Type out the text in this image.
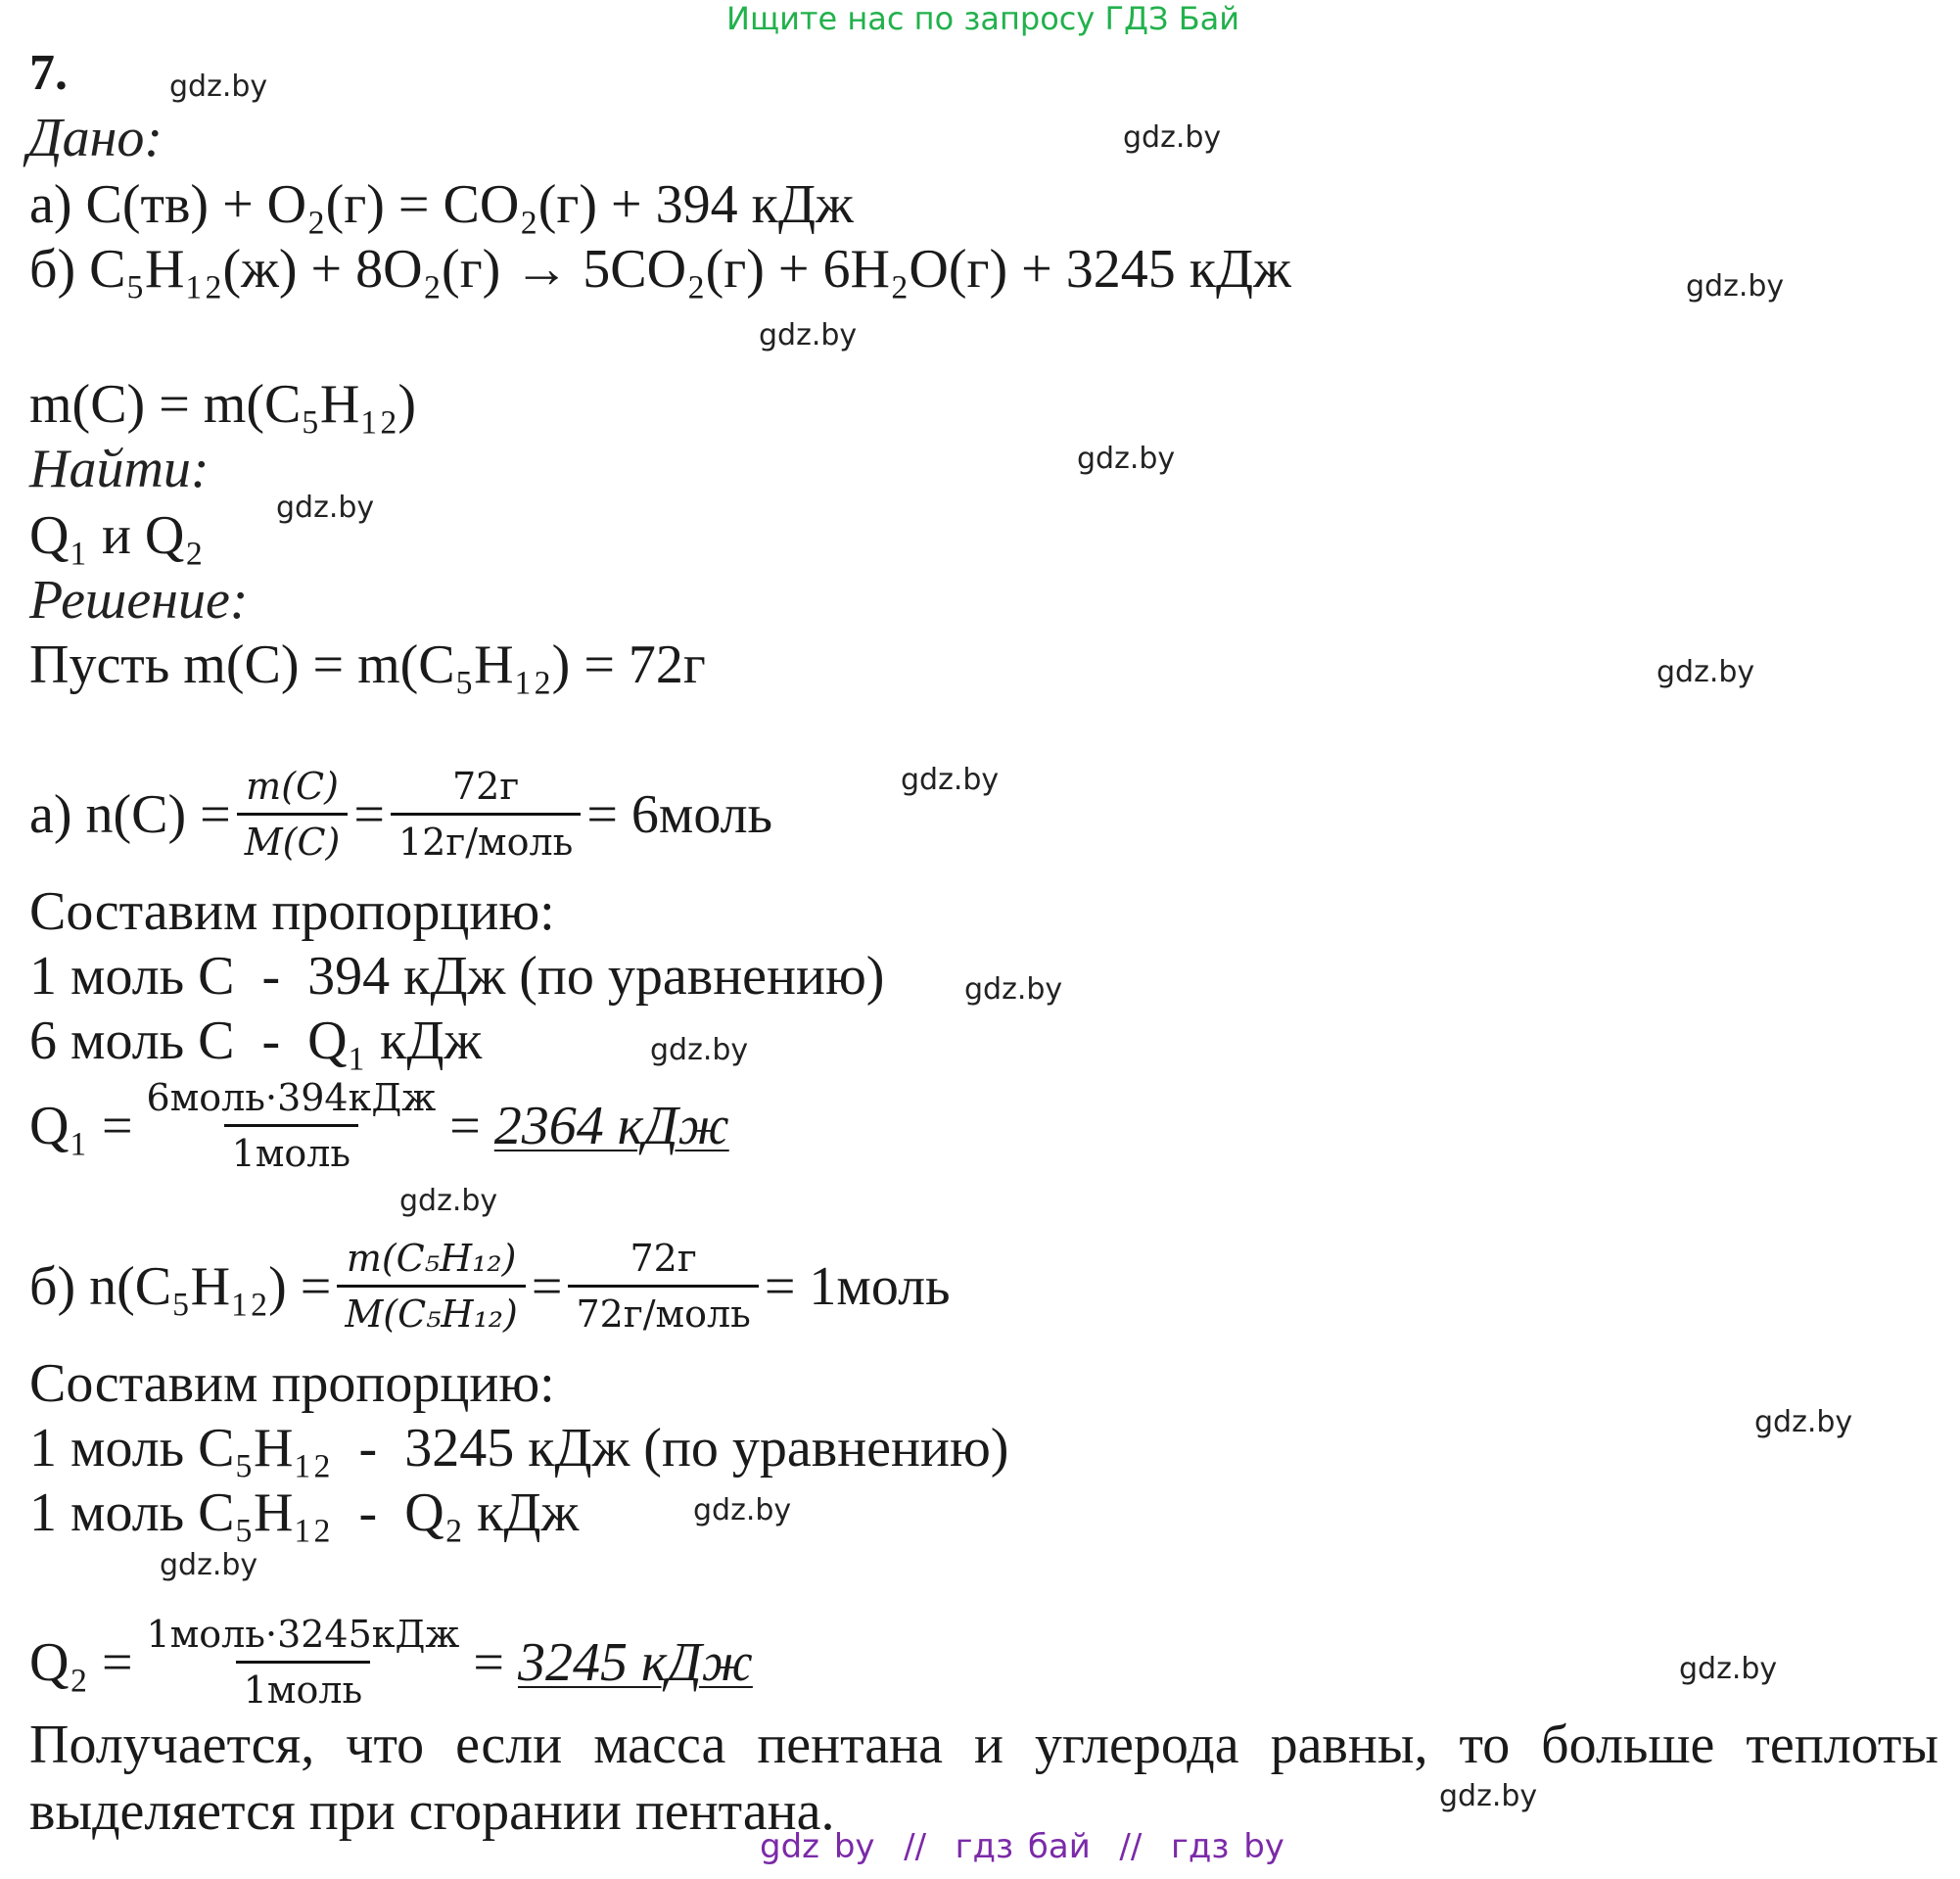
Ищите нас по запросу ГДЗ Бай
7.
Дано:
а) C(тв) + O₂(г) = CO₂(г) + 394 кДж
б) C₅H₁₂(ж) + 8O₂(г) → 5CO₂(г) + 6H₂O(г) + 3245 кДж
m(C) = m(C₅H₁₂)
Найти:
Q₁ и Q₂
Решение:
Пусть m(C) = m(C₅H₁₂) = 72г
а) $n(C) = \frac{m(C)}{M(C)} = \frac{72г}{\text{12г/моль}}$ = 6моль
Составим пропорцию:
1 моль C  -  394 кДж (по уравнению)
6 моль C  -  Q₁ кДж
$Q_1 = \frac{\text{6моль·394кДж}}{\text{1моль}} = 2364$ кДж
б) $n(C_5H_{12}) = \frac{\text{m(C₅H₁₂)}}{\text{M(C₅H₁₂)}} = \frac{72г}{\text{72г/моль}}$ = 1моль
Составим пропорцию:
1 моль C₅H₁₂  -  3245 кДж (по уравнению)
1 моль C₅H₁₂  -  Q₂ кДж
$Q_2 = \frac{\text{1моль·3245кДж}}{\text{1моль}} = 3245$ кДж
Получается, что если масса пентана и углерода равны, то больше теплоты выделяется при сгорании пентана.
gdz by  //  гдз бай  //  гдз by
gdz.by
gdz.by
gdz.by
gdz.by
gdz.by
gdz.by
gdz.by
gdz.by
gdz.by
gdz.by
gdz.by
gdz.by
gdz.by
gdz.by
gdz.by
gdz.by
